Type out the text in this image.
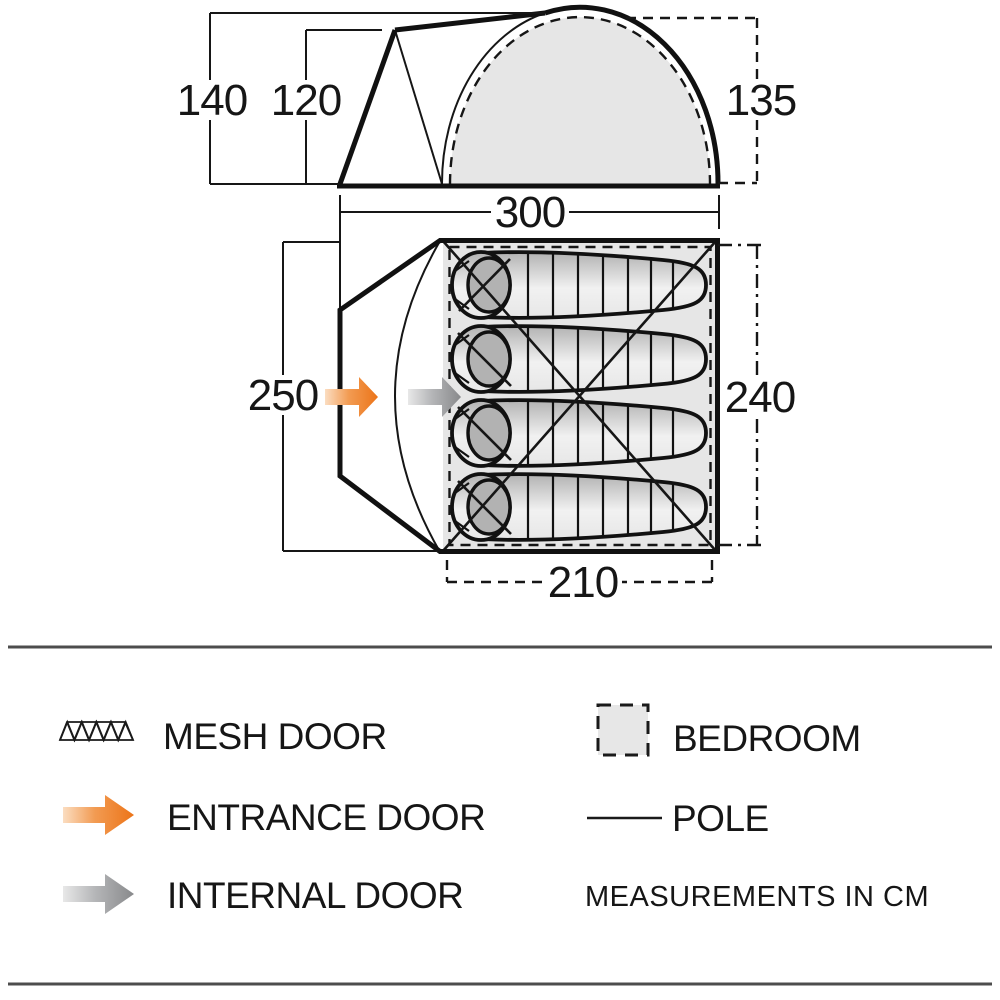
140 120	135
300
250	240
210
MESH DOOR	BEDROOM
ENTRANCE DOOR	POLE
INTERNAL DOOR	MEASUREMENTS IN CM
